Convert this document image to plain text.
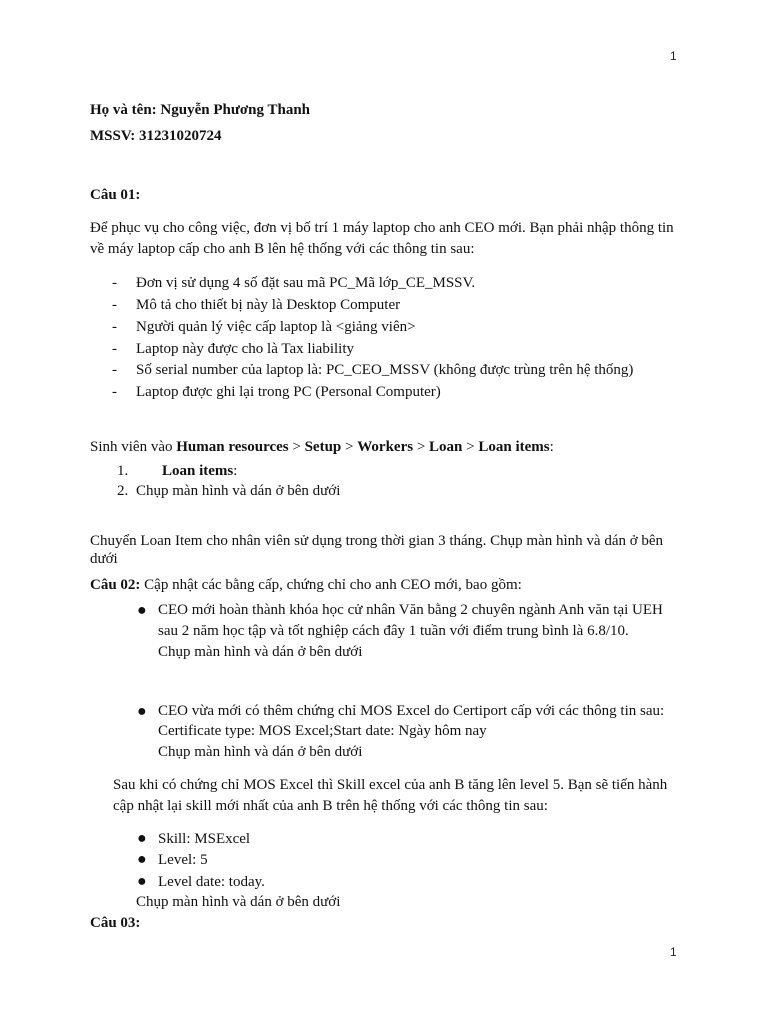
1
Họ và tên: Nguyễn Phương Thanh
MSSV: 31231020724
Câu 01:
Để phục vụ cho công việc, đơn vị bố trí 1 máy laptop cho anh CEO mới. Bạn phải nhập thông tin
về máy laptop cấp cho anh B lên hệ thống với các thông tin sau:
- Đơn vị sử dụng 4 số đặt sau mã PC_Mã lớp_CE_MSSV.
- Mô tả cho thiết bị này là Desktop Computer
- Người quản lý việc cấp laptop là <giảng viên>
- Laptop này được cho là Tax liability
- Số serial number của laptop là: PC_CEO_MSSV (không được trùng trên hệ thống)
- Laptop được ghi lại trong PC (Personal Computer)
Sinh viên vào Human resources > Setup > Workers > Loan > Loan items:
1. Loan items:
2. Chụp màn hình và dán ở bên dưới
Chuyển Loan Item cho nhân viên sử dụng trong thời gian 3 tháng. Chụp màn hình và dán ở bên
dưới
Câu 02: Cập nhật các bằng cấp, chứng chỉ cho anh CEO mới, bao gồm:
● CEO mới hoàn thành khóa học cử nhân Văn bằng 2 chuyên ngành Anh văn tại UEH
sau 2 năm học tập và tốt nghiệp cách đây 1 tuần với điểm trung bình là 6.8/10.
Chụp màn hình và dán ở bên dưới
● CEO vừa mới có thêm chứng chỉ MOS Excel do Certiport cấp với các thông tin sau:
Certificate type: MOS Excel;Start date: Ngày hôm nay
Chụp màn hình và dán ở bên dưới
Sau khi có chứng chỉ MOS Excel thì Skill excel của anh B tăng lên level 5. Bạn sẽ tiến hành
cập nhật lại skill mới nhất của anh B trên hệ thống với các thông tin sau:
● Skill: MSExcel
● Level: 5
● Level date: today.
Chụp màn hình và dán ở bên dưới
Câu 03:
1
